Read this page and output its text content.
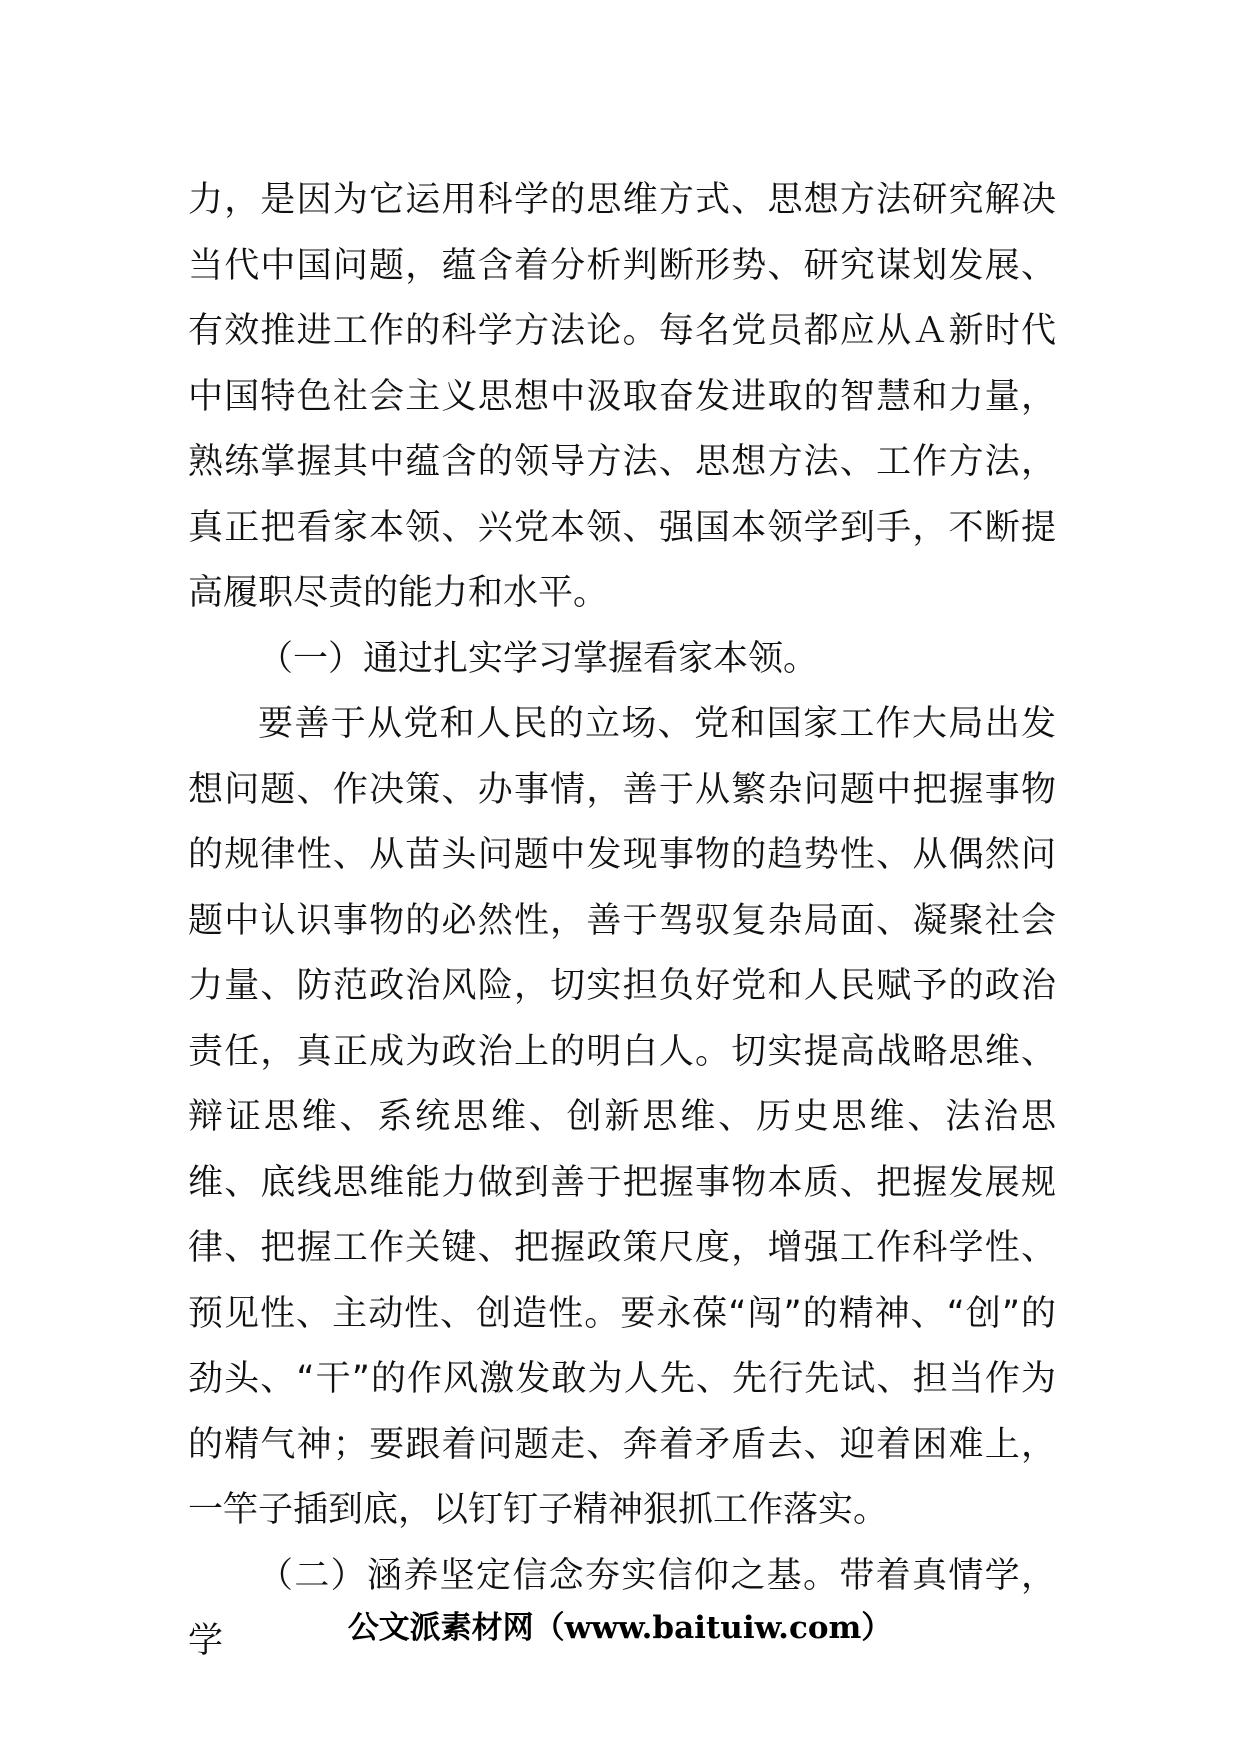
力，是因为它运用科学的思维方式、思想方法研究解决当代中国问题，蕴含着分析判断形势、研究谋划发展、有效推进工作的科学方法论。每名党员都应从Ａ新时代中国特色社会主义思想中汲取奋发进取的智慧和力量，熟练掌握其中蕴含的领导方法、思想方法、工作方法，真正把看家本领、兴党本领、强国本领学到手，不断提高履职尽责的能力和水平。

（一）通过扎实学习掌握看家本领。

要善于从党和人民的立场、党和国家工作大局出发想问题、作决策、办事情，善于从繁杂问题中把握事物的规律性、从苗头问题中发现事物的趋势性、从偶然问题中认识事物的必然性，善于驾驭复杂局面、凝聚社会力量、防范政治风险，切实担负好党和人民赋予的政治责任，真正成为政治上的明白人。切实提高战略思维、辩证思维、系统思维、创新思维、历史思维、法治思维、底线思维能力做到善于把握事物本质、把握发展规律、把握工作关键、把握政策尺度，增强工作科学性、预见性、主动性、创造性。要永葆“闯”的精神、“创”的劲头、“干”的作风激发敢为人先、先行先试、担当作为的精气神；要跟着问题走、奔着矛盾去、迎着困难上，一竿子插到底，以钉钉子精神狠抓工作落实。

（二）涵养坚定信念夯实信仰之基。带着真情学，学	公文派素材网（www.baituiw.com）
